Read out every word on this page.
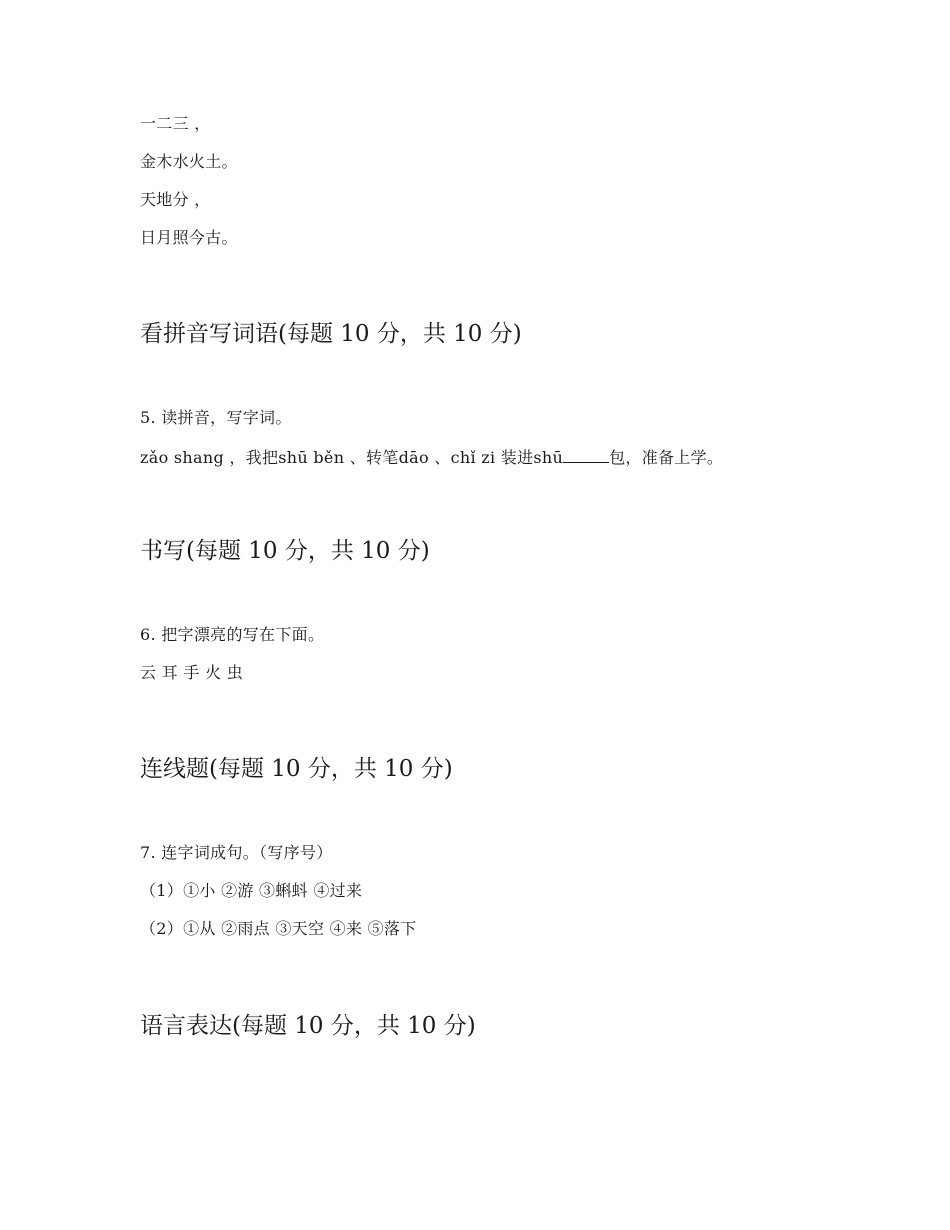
一二三 ，
金木水火土。
天地分 ，
日月照今古。
看拼音写词语(每题 10 分，共 10 分)
5. 读拼音，写字词。
zǎo shang ，我把shū běn 、转笔dāo 、chǐ zi 装进shū	包，准备上学。
书写(每题 10 分，共 10 分)
6. 把字漂亮的写在下面。
云 耳 手 火 虫
连线题(每题 10 分，共 10 分)
7. 连字词成句。（写序号）
（1）①小 ②游 ③蝌蚪 ④过来
（2）①从 ②雨点 ③天空 ④来 ⑤落下
语言表达(每题 10 分，共 10 分)
